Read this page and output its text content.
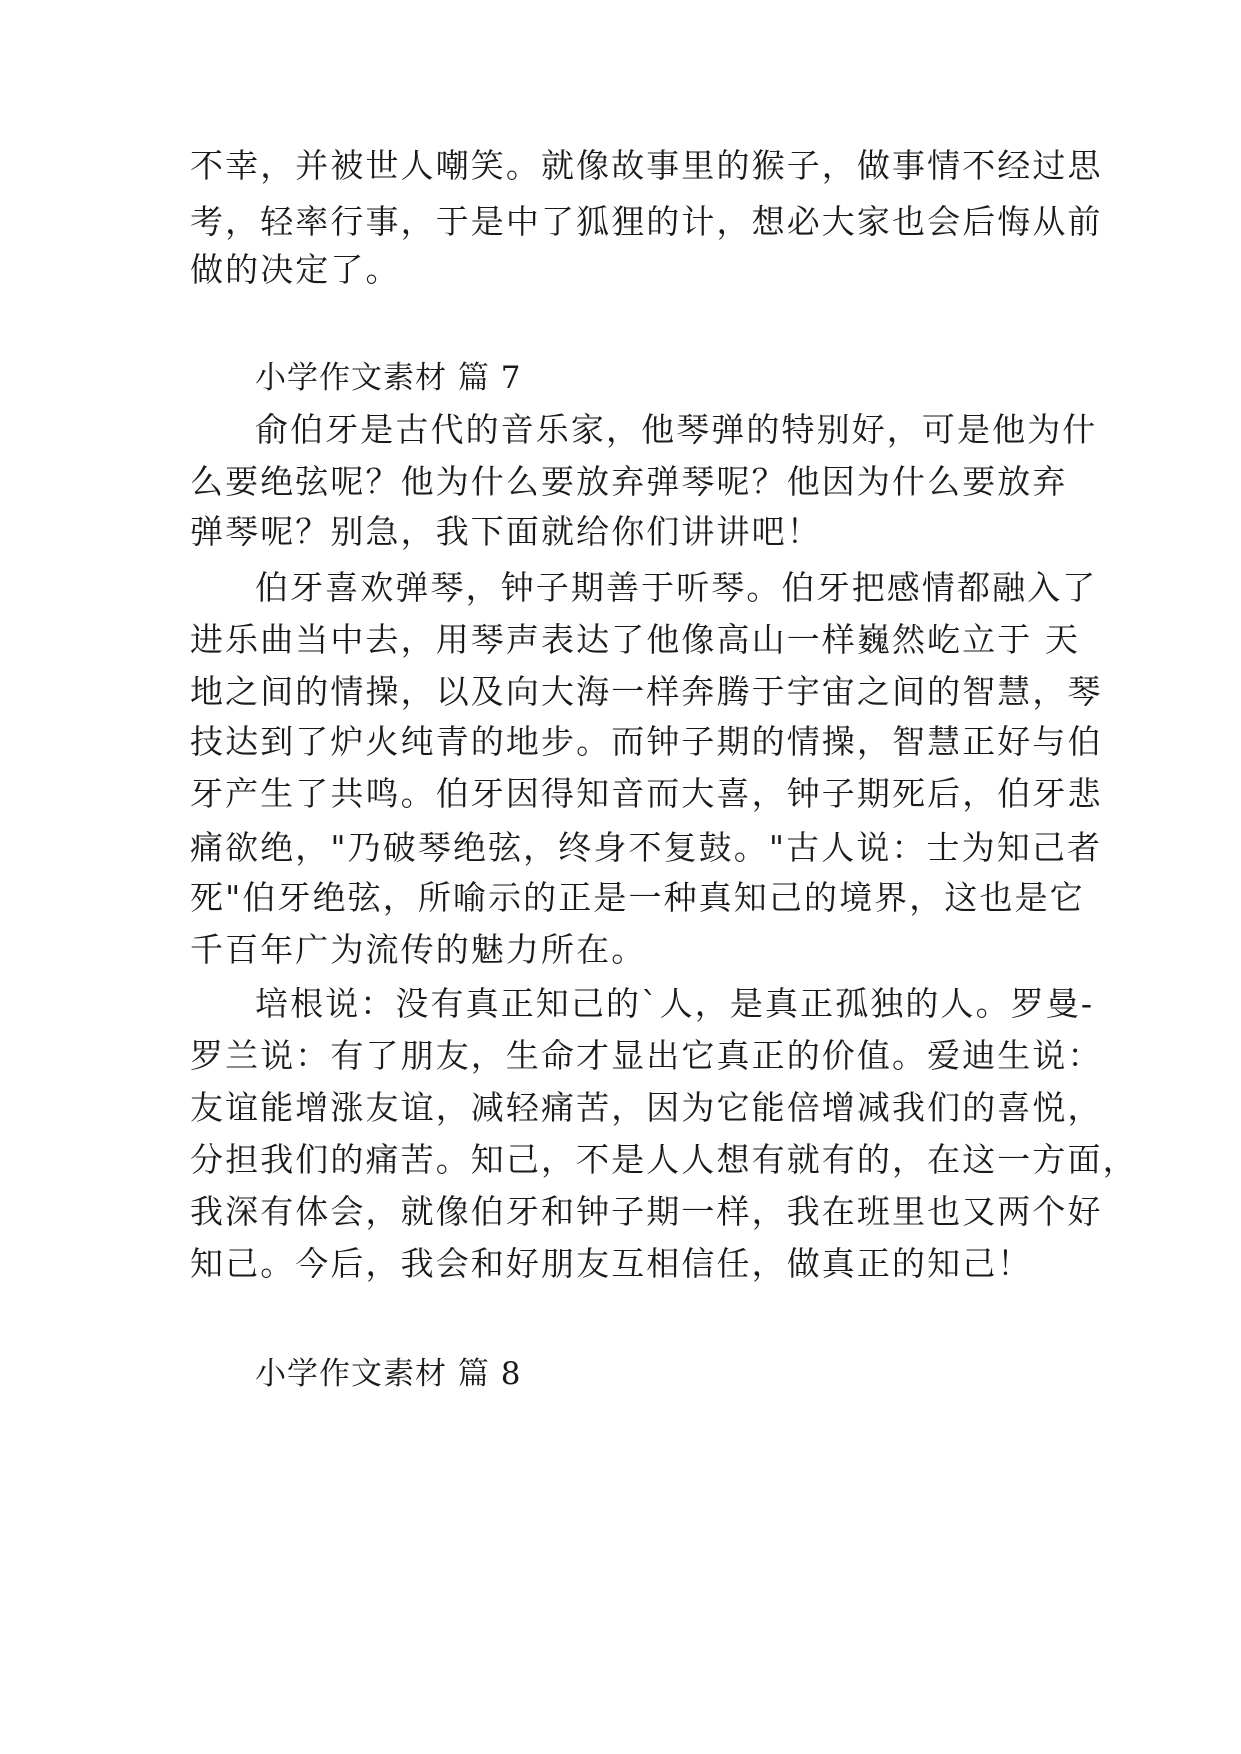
不幸，并被世人嘲笑。就像故事里的猴子，做事情不经过思
考，轻率行事，于是中了狐狸的计，想必大家也会后悔从前
做的决定了。
小学作文素材 篇 7
俞伯牙是古代的音乐家，他琴弹的特别好，可是他为什
么要绝弦呢？他为什么要放弃弹琴呢？他因为什么要放弃
弹琴呢？别急，我下面就给你们讲讲吧！
伯牙喜欢弹琴，钟子期善于听琴。伯牙把感情都融入了
进乐曲当中去，用琴声表达了他像高山一样巍然屹立于 天
地之间的情操，以及向大海一样奔腾于宇宙之间的智慧，琴
技达到了炉火纯青的地步。而钟子期的情操，智慧正好与伯
牙产生了共鸣。伯牙因得知音而大喜，钟子期死后，伯牙悲
痛欲绝，"乃破琴绝弦，终身不复鼓。"古人说：士为知己者
死"伯牙绝弦，所喻示的正是一种真知己的境界，这也是它
千百年广为流传的魅力所在。
培根说：没有真正知己的`人，是真正孤独的人。罗曼-
罗兰说：有了朋友，生命才显出它真正的价值。爱迪生说：
友谊能增涨友谊，减轻痛苦，因为它能倍增减我们的喜悦，
分担我们的痛苦。知己，不是人人想有就有的，在这一方面，
我深有体会，就像伯牙和钟子期一样，我在班里也又两个好
知己。今后，我会和好朋友互相信任，做真正的知己！
小学作文素材 篇 8
